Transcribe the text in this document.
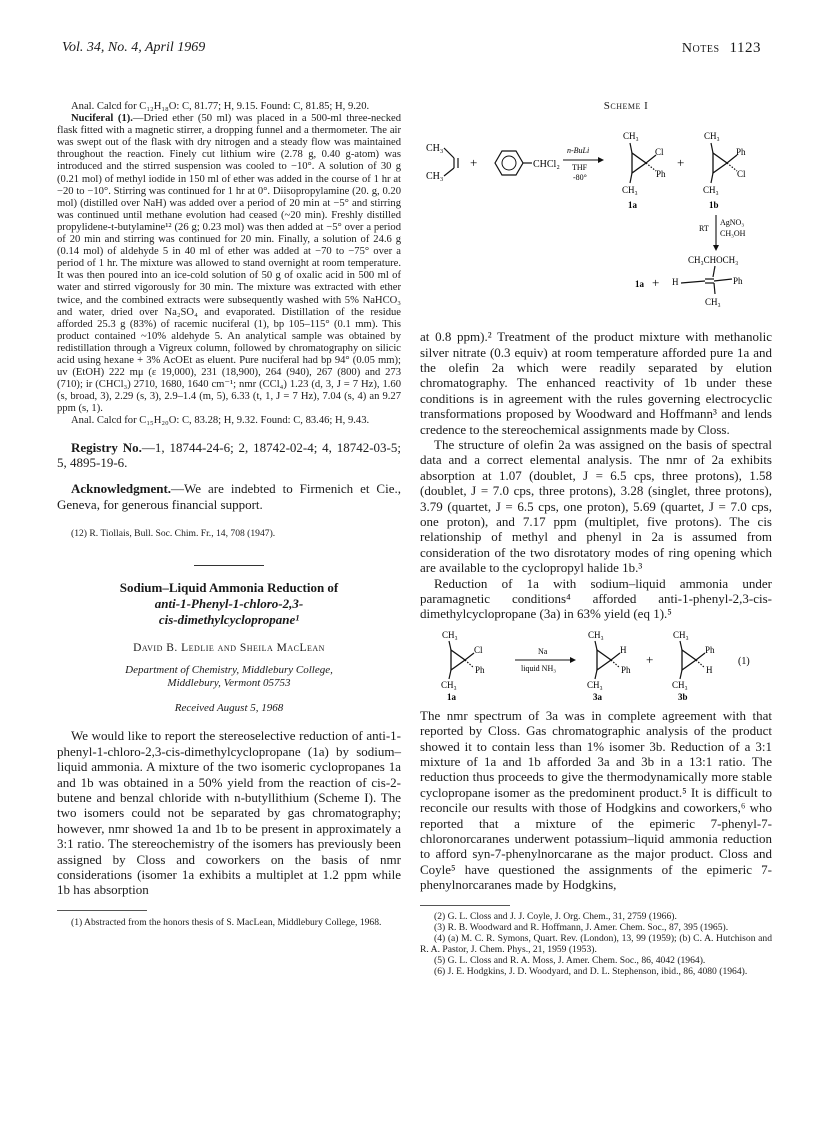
Vol. 34, No. 4, April 1969	Notes 1123

Anal. Calcd for C₁₂H₁₈O: C, 81.77; H, 9.15. Found: C, 81.85; H, 9.20.

Nuciferal (1).—Dried ether (50 ml) was placed in a 500-ml three-necked flask fitted with a magnetic stirrer, a dropping funnel and a thermometer. The air was swept out of the flask with dry nitrogen and a steady flow was maintained throughout the reaction. Finely cut lithium wire (2.78 g, 0.40 g-atom) was introduced and the stirred suspension was cooled to −10°. A solution of 30 g (0.21 mol) of methyl iodide in 150 ml of ether was added in the course of 1 hr at −20 to −10°. Stirring was continued for 1 hr at 0°. Diisopropylamine (20. g, 0.20 mol) (distilled over NaH) was added over a period of 20 min at −5° and stirring was continued until methane evolution had ceased (~20 min). Freshly distilled propylidene-t-butylamine¹² (26 g; 0.23 mol) was then added at −5° over a period of 20 min and stirring was continued for 20 min. Finally, a solution of 24.6 g (0.14 mol) of aldehyde 5 in 40 ml of ether was added at −70 to −75° over a period of 1 hr. The mixture was allowed to stand overnight at room temperature. It was then poured into an ice-cold solution of 50 g of oxalic acid in 500 ml of water and stirred vigorously for 30 min. The mixture was extracted with ether twice, and the combined extracts were subsequently washed with 5% NaHCO₃ and water, dried over Na₂SO₄ and evaporated. Distillation of the residue afforded 25.3 g (83%) of racemic nuciferal (1), bp 105–115° (0.1 mm). This product contained ~10% aldehyde 5. An analytical sample was obtained by redistillation through a Vigreux column, followed by chromatography on silicic acid using hexane + 3% AcOEt as eluent. Pure nuciferal had bp 94° (0.05 mm); uv (EtOH) 222 mμ (ε 19,000), 231 (18,900), 264 (940), 267 (800) and 273 (710); ir (CHCl₃) 2710, 1680, 1640 cm⁻¹; nmr (CCl₄) 1.23 (d, 3, J = 7 Hz), 1.60 (s, broad, 3), 2.29 (s, 3), 2.9–1.4 (m, 5), 6.33 (t, 1, J = 7 Hz), 7.04 (s, 4) an 9.27 ppm (s, 1).

Anal. Calcd for C₁₅H₂₀O: C, 83.28; H, 9.32. Found: C, 83.46; H, 9.43.

Registry No.—1, 18744-24-6; 2, 18742-02-4; 4, 18742-03-5; 5, 4895-19-6.

Acknowledgment.—We are indebted to Firmenich et Cie., Geneva, for generous financial support.

(12) R. Tiollais, Bull. Soc. Chim. Fr., 14, 708 (1947).

Sodium–Liquid Ammonia Reduction of
anti-1-Phenyl-1-chloro-2,3-
cis-dimethylcyclopropane¹
David B. Ledlie and Sheila MacLean
Department of Chemistry, Middlebury College,
Middlebury, Vermont 05753
Received August 5, 1968

We would like to report the stereoselective reduction of anti-1-phenyl-1-chloro-2,3-cis-dimethylcyclopropane (1a) by sodium–liquid ammonia. A mixture of the two isomeric cyclopropanes 1a and 1b was obtained in a 50% yield from the reaction of cis-2-butene and benzal chloride with n-butyllithium (Scheme I). The two isomers could not be separated by gas chromatography; however, nmr showed 1a and 1b to be present in approximately a 3:1 ratio. The stereochemistry of the isomers has previously been assigned by Closs and coworkers on the basis of nmr considerations (isomer 1a exhibits a multiplet at 1.2 ppm while 1b has absorption

(1) Abstracted from the honors thesis of S. MacLean, Middlebury College, 1968.

Scheme I
CH₃
CH₃
+	CHCl₂
n-BuLi
THF
-80°
CH₃
CH₃
Cl
Ph
1a
+
CH₃
CH₃
Ph
Cl
1b
RT
AgNO₃
CH₃OH
CH₃CHOCH₃
H	Ph
CH₃
1a +

at 0.8 ppm).² Treatment of the product mixture with methanolic silver nitrate (0.3 equiv) at room temperature afforded pure 1a and the olefin 2a which were readily separated by elution chromatography. The enhanced reactivity of 1b under these conditions is in agreement with the rules governing electrocyclic transformations proposed by Woodward and Hoffmann³ and lends credence to the stereochemical assignments made by Closs.

The structure of olefin 2a was assigned on the basis of spectral data and a correct elemental analysis. The nmr of 2a exhibits absorption at 1.07 (doublet, J = 6.5 cps, three protons), 1.58 (doublet, J = 7.0 cps, three protons), 3.28 (singlet, three protons), 3.79 (quartet, J = 6.5 cps, one proton), 5.69 (quartet, J = 7.0 cps, one proton), and 7.17 ppm (multiplet, five protons). The cis relationship of methyl and phenyl in 2a is assumed from consideration of the two disrotatory modes of ring opening which are available to the cyclopropyl halide 1b.³

Reduction of 1a with sodium–liquid ammonia under paramagnetic conditions⁴ afforded anti-1-phenyl-2,3-cis-dimethylcyclopropane (3a) in 63% yield (eq 1).⁵

CH₃
CH₃
Cl
Ph
1a
Na
liquid NH₃
CH₃
CH₃
H
Ph
3a
+
CH₃
CH₃
Ph
H
3b
(1)

The nmr spectrum of 3a was in complete agreement with that reported by Closs. Gas chromatographic analysis of the product showed it to contain less than 1% isomer 3b. Reduction of a 3:1 mixture of 1a and 1b afforded 3a and 3b in a 13:1 ratio. The reduction thus proceeds to give the thermodynamically more stable cyclopropane isomer as the predominent product.⁵ It is difficult to reconcile our results with those of Hodgkins and coworkers,⁶ who reported that a mixture of the epimeric 7-phenyl-7-chloronorcaranes underwent potassium–liquid ammonia reduction to afford syn-7-phenylnorcarane as the major product. Closs and Coyle⁵ have questioned the assignments of the epimeric 7-phenylnorcaranes made by Hodgkins,

(2) G. L. Closs and J. J. Coyle, J. Org. Chem., 31, 2759 (1966).

(3) R. B. Woodward and R. Hoffmann, J. Amer. Chem. Soc., 87, 395 (1965).

(4) (a) M. C. R. Symons, Quart. Rev. (London), 13, 99 (1959); (b) C. A. Hutchison and R. A. Pastor, J. Chem. Phys., 21, 1959 (1953).

(5) G. L. Closs and R. A. Moss, J. Amer. Chem. Soc., 86, 4042 (1964).

(6) J. E. Hodgkins, J. D. Woodyard, and D. L. Stephenson, ibid., 86, 4080 (1964).
